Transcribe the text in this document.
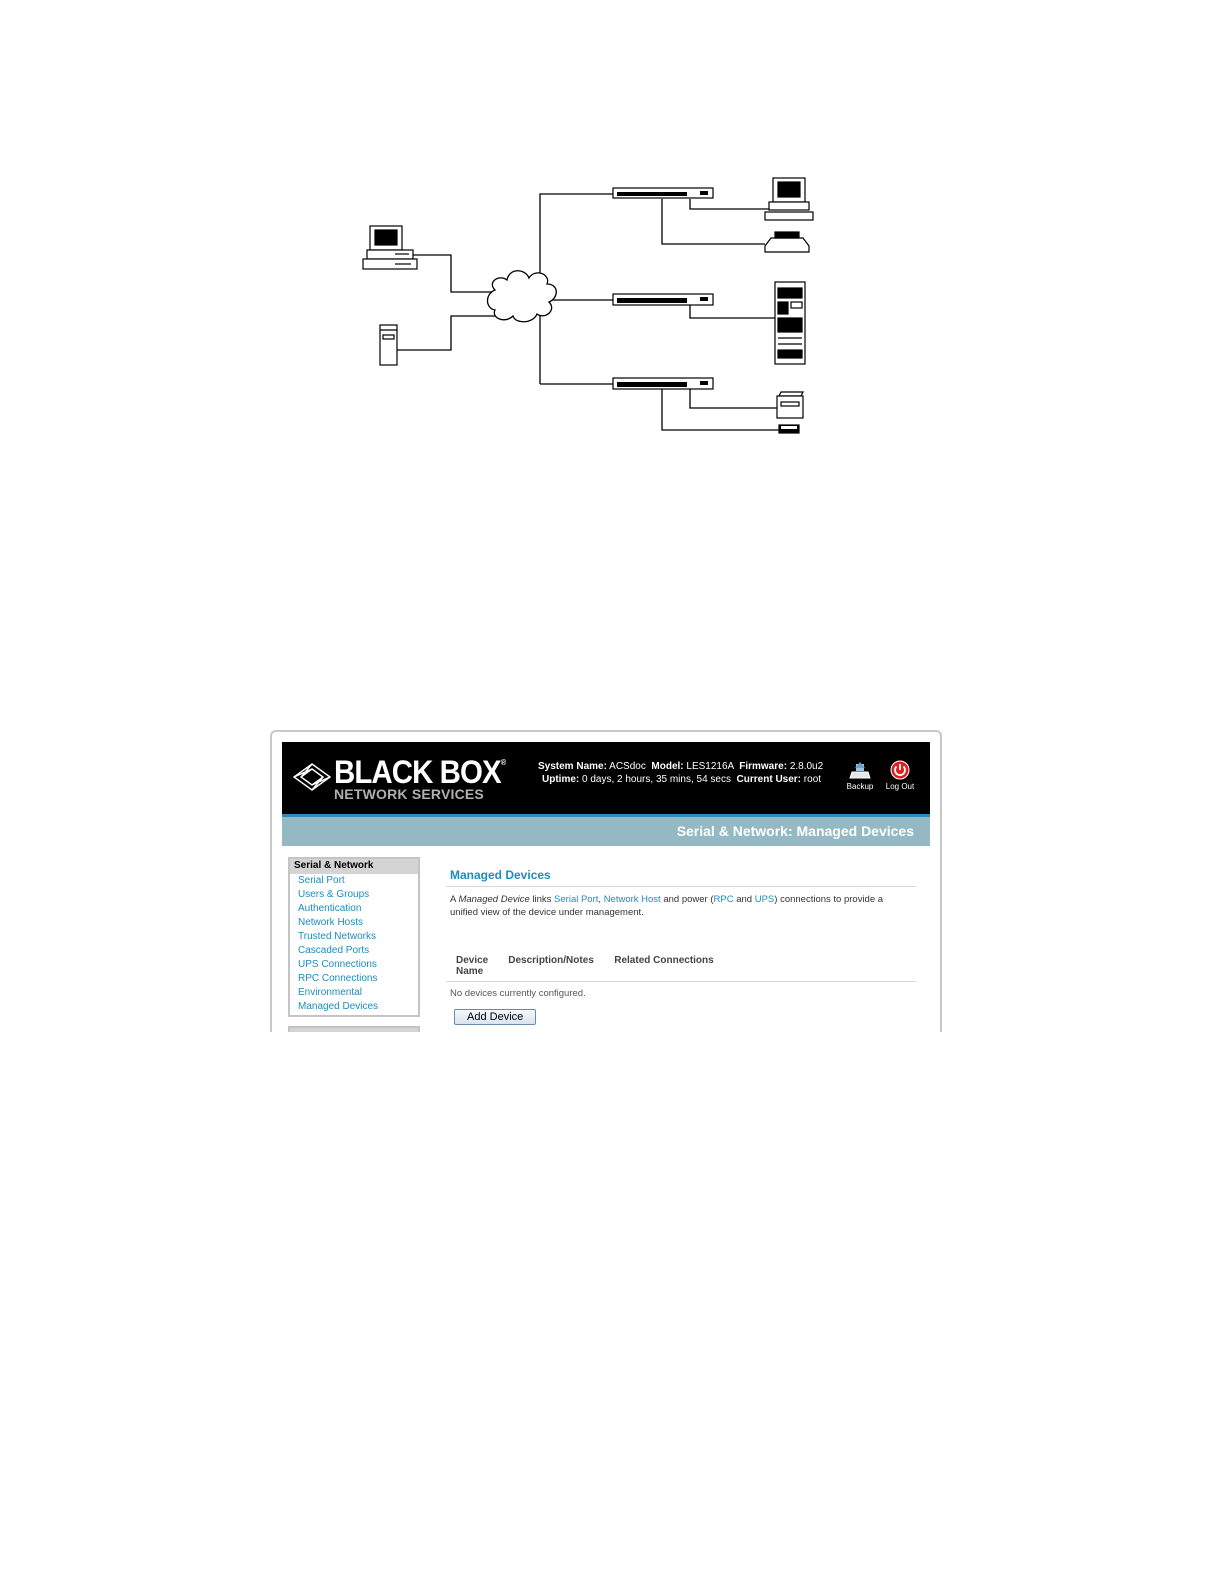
BLACK BOX®
NETWORK SERVICES
System Name: ACSdoc Model: LES1216A Firmware: 2.8.0u2
Uptime: 0 days, 2 hours, 35 mins, 54 secs Current User: root
Backup	Log Out
Serial & Network: Managed Devices
Serial & Network
Serial Port
Users & Groups
Authentication
Network Hosts
Trusted Networks
Cascaded Ports
UPS Connections
RPC Connections
Environmental
Managed Devices
Managed Devices
A Managed Device links Serial Port, Network Host and power (RPC and UPS) connections to provide a unified view of the device under management.
Device Name	Description/Notes	Related Connections
No devices currently configured.
Add Device
